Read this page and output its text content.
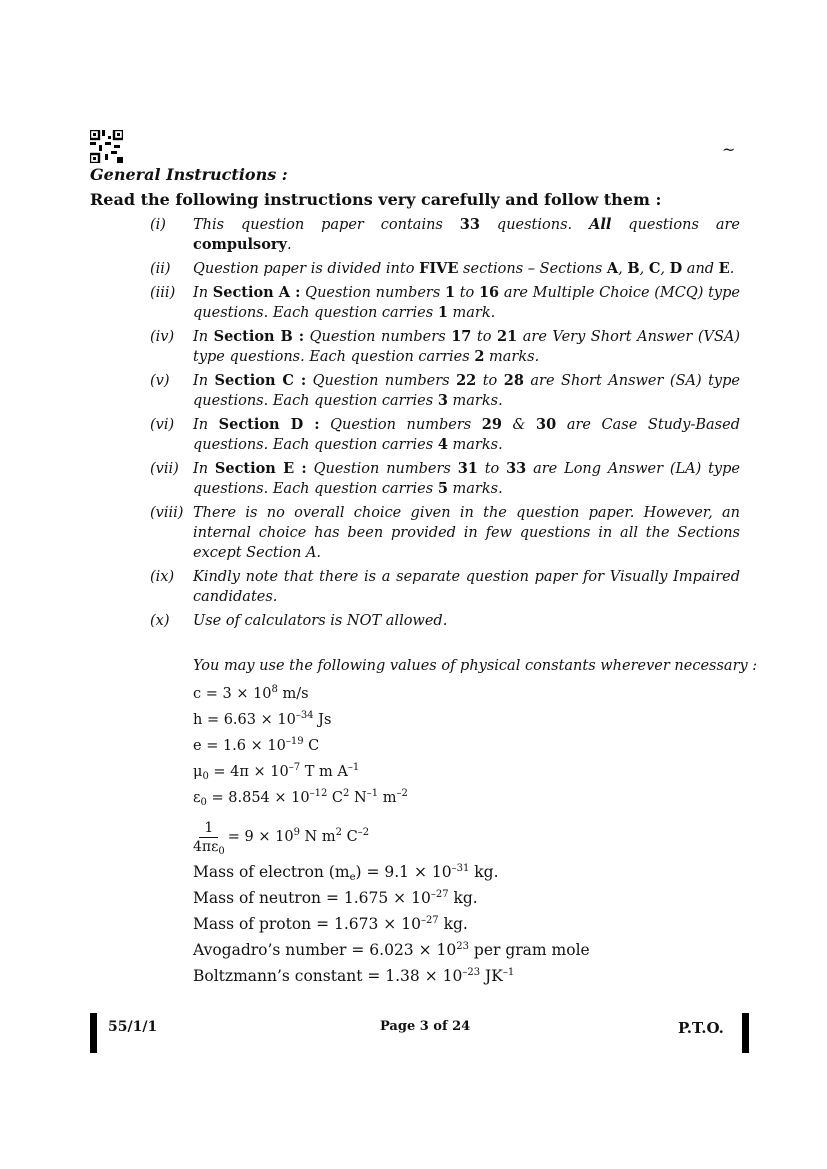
~
General Instructions :
Read the following instructions very carefully and follow them :
(i)	This question paper contains 33 questions. All questions are compulsory.
(ii)	Question paper is divided into FIVE sections – Sections A, B, C, D and E.
(iii)	In Section A : Question numbers 1 to 16 are Multiple Choice (MCQ) type questions. Each question carries 1 mark.
(iv)	In Section B : Question numbers 17 to 21 are Very Short Answer (VSA) type questions. Each question carries 2 marks.
(v)	In Section C : Question numbers 22 to 28 are Short Answer (SA) type questions. Each question carries 3 marks.
(vi)	In Section D : Question numbers 29 & 30 are Case Study-Based questions. Each question carries 4 marks.
(vii) In Section E : Question numbers 31 to 33 are Long Answer (LA) type questions. Each question carries 5 marks.
(viii) There is no overall choice given in the question paper. However, an internal choice has been provided in few questions in all the Sections except Section A.
(ix)	Kindly note that there is a separate question paper for Visually Impaired candidates.
(x)	Use of calculators is NOT allowed.
You may use the following values of physical constants wherever necessary :
$c = 3 \times 10^8$ m/s
$h = 6.63 \times 10^{-34}$ Js
$e = 1.6 \times 10^{-19}$ C
$\mu_0 = 4\pi \times 10^{-7}$ T m $A^{-1}$
$\varepsilon_0 = 8.854 \times 10^{-12}$ $C^2$ $N^{-1}$ $m^{-2}$
$\frac{1}{4\pi\varepsilon_0} = 9 \times 10^9$ N $m^2$ $C^{-2}$
Mass of electron $(m_e) = 9.1 \times 10^{-31}$ kg.
Mass of neutron = $1.675 \times 10^{-27}$ kg.
Mass of proton = $1.673 \times 10^{-27}$ kg.
Avogadro’s number = $6.023 \times 10^{23}$ per gram mole
Boltzmann’s constant = $1.38 \times 10^{-23}$ $JK^{-1}$
55/1/1	Page 3 of 24	P.T.O.
